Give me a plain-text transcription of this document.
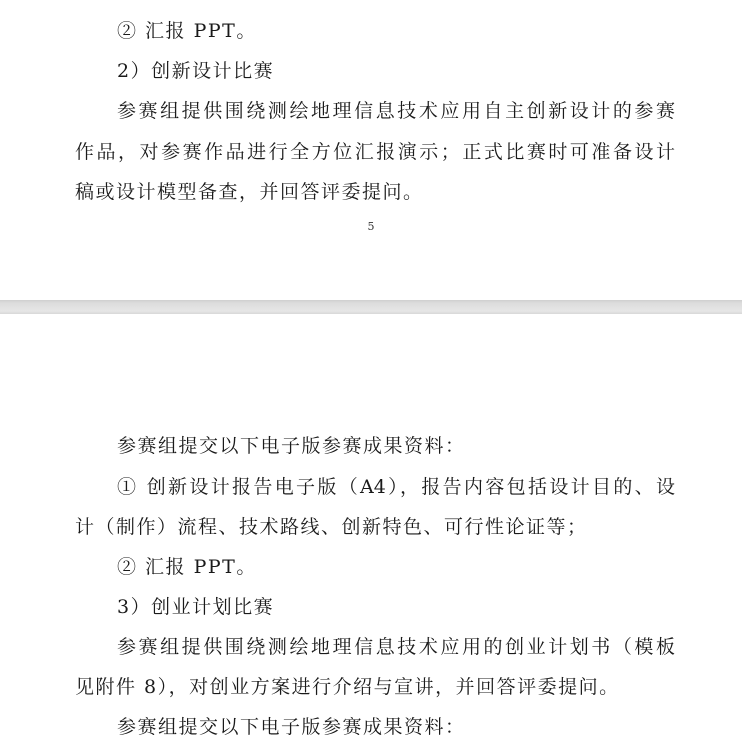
② 汇报 PPT。
2）创新设计比赛
参赛组提供围绕测绘地理信息技术应用自主创新设计的参赛
作品，对参赛作品进行全方位汇报演示；正式比赛时可准备设计
稿或设计模型备查，并回答评委提问。
5
参赛组提交以下电子版参赛成果资料：
① 创新设计报告电子版（A4），报告内容包括设计目的、设
计（制作）流程、技术路线、创新特色、可行性论证等；
② 汇报 PPT。
3）创业计划比赛
参赛组提供围绕测绘地理信息技术应用的创业计划书（模板
见附件 8），对创业方案进行介绍与宣讲，并回答评委提问。
参赛组提交以下电子版参赛成果资料：
